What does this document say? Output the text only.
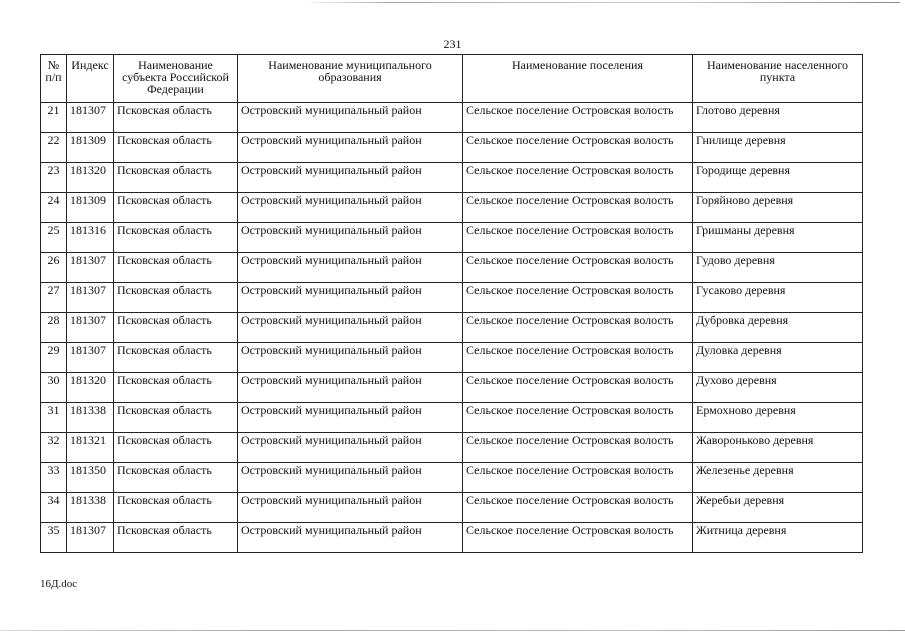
231
№ п/п	Индекс	Наименование субъекта Российской Федерации	Наименование муниципального образования	Наименование поселения	Наименование населенного пункта
21	181307	Псковская область	Островский муниципальный район	Сельское поселение Островская волость	Глотово деревня
22	181309	Псковская область	Островский муниципальный район	Сельское поселение Островская волость	Гнилище деревня
23	181320	Псковская область	Островский муниципальный район	Сельское поселение Островская волость	Городище деревня
24	181309	Псковская область	Островский муниципальный район	Сельское поселение Островская волость	Горяйново деревня
25	181316	Псковская область	Островский муниципальный район	Сельское поселение Островская волость	Гришманы деревня
26	181307	Псковская область	Островский муниципальный район	Сельское поселение Островская волость	Гудово деревня
27	181307	Псковская область	Островский муниципальный район	Сельское поселение Островская волость	Гусаково деревня
28	181307	Псковская область	Островский муниципальный район	Сельское поселение Островская волость	Дубровка деревня
29	181307	Псковская область	Островский муниципальный район	Сельское поселение Островская волость	Дуловка деревня
30	181320	Псковская область	Островский муниципальный район	Сельское поселение Островская волость	Духово деревня
31	181338	Псковская область	Островский муниципальный район	Сельское поселение Островская волость	Ермохново деревня
32	181321	Псковская область	Островский муниципальный район	Сельское поселение Островская волость	Жавороньково деревня
33	181350	Псковская область	Островский муниципальный район	Сельское поселение Островская волость	Железенье деревня
34	181338	Псковская область	Островский муниципальный район	Сельское поселение Островская волость	Жеребьи деревня
35	181307	Псковская область	Островский муниципальный район	Сельское поселение Островская волость	Житница деревня
16Д.doc
